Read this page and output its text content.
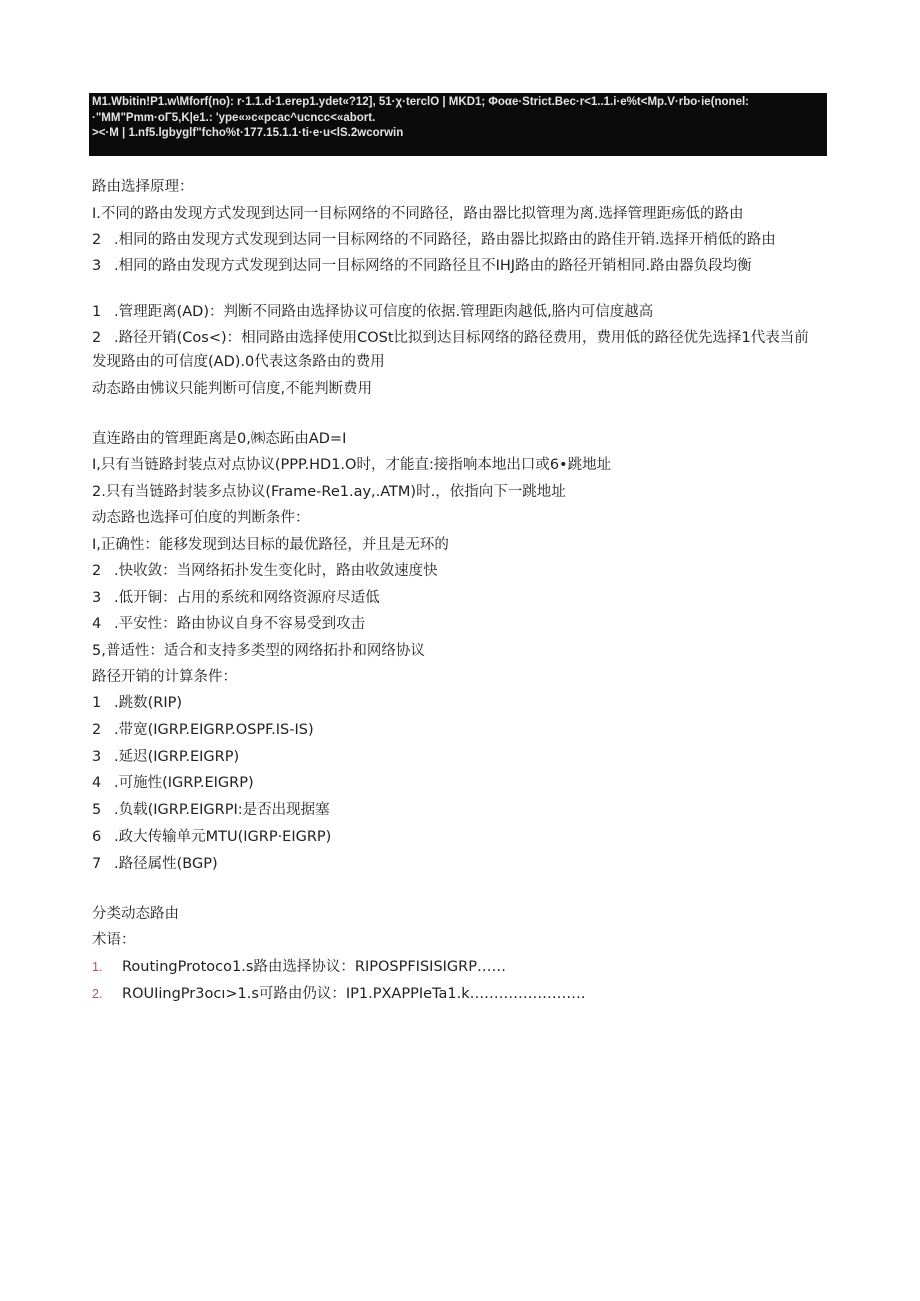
M1.Wbitin!P1.w\Mforf(no): r·1.1.d·1.erep1.ydet«?12], 51·χ·terclO | MKD1; Φoαe·Strict.Bec·r<1..1.i·e%t<Mp.V·rbo·ie(nonel:
·"MM"Pmm·oΓ5,K|e1.: 'ype«»c«pcac^ucncc<«abort.
><·M | 1.nf5.lgbyglf"fcho%t·177.15.1.1·ti·e·u<lS.2wcorwin
路由选择原理：
I.不同的路由发现方式发现到达同一目标网络的不同路径，路由器比拟管理为离.选择管理距疡低的路由
2 .相同的路由发现方式发现到达同一目标网络的不同路径，路由器比拟路由的路佳开销.选择开梢低的路由
3 .相同的路由发现方式发现到达同一目标网络的不同路径且不IHJ路由的路径开销相同.路由器负段均衡
1 .管理距离(AD)：判断不同路由选择协议可信度的依据.管理距肉越低,胳内可信度越高
2 .路径开销(Cos<)：相同路由选择使用COSt比拟到达目标网络的路径费用，费用低的路径优先选择1代表当前
发现路由的可信度(AD).0代表这条路由的费用
动态路由怫议只能判断可信度,不能判断费用
直连路由的管理距离是0,㈱态跖由AD=I
I,只有当链路封装点对点协议(PPP.HD1.O时，才能直:接指响本地出口或6•跳地址
2.只有当链路封装多点协议(Frame-Re1.ay,.ATM)时.，依指向下一跳地址
动态路也选择可伯度的判断条件：
I,正确性：能移发现到达目标的最优路径，并且是无环的
2 .快收敛：当网络拓扑发生变化时，路由收敛速度快
3 .低开铜：占用的系统和网络资源府尽适低
4 .平安性：路由协议自身不容易受到攻击
5,普适性：适合和支持多类型的网络拓扑和网络协议
路径开销的计算条件：
1 .跳数(RIP)
2 .带宽(IGRP.EIGRP.OSPF.IS-IS)
3 .延迟(IGRP.EIGRP)
4 .可施性(IGRP.EIGRP)
5 .负载(IGRP.EIGRPI:是否出现据塞
6 .政大传输单元MTU(IGRP·EIGRP)
7 .路径属性(BGP)
分类动态路由
术语：
1. RoutingProtoco1.s路由选择协议：RIPOSPFISISIGRP……
2. ROUIingPr3ocı>1.s可路由仍议：IP1.PXAPPIeTa1.k……………………
